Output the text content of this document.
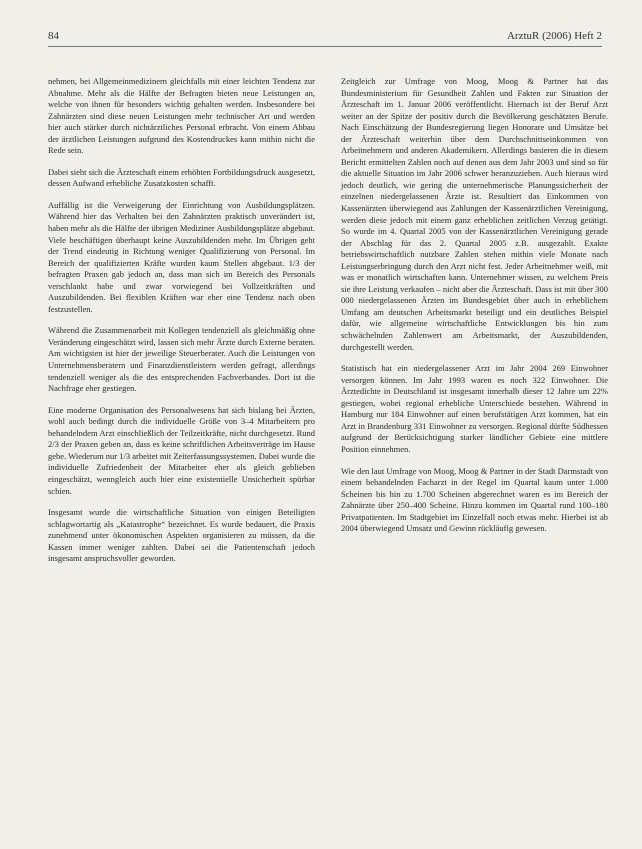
84	ArztuR (2006) Heft 2

nehmen, bei Allgemeinmedizinern gleichfalls mit einer leichten Tendenz zur Abnahme. Mehr als die Hälfte der Befragten bieten neue Leistungen an, welche von ihnen für besonders wichtig gehalten werden. Insbesondere bei Zahnärzten sind diese neuen Leistungen mehr technischer Art und werden hier auch stärker durch nichtärztliches Personal erbracht. Von einem Abbau der ärztlichen Leistungen aufgrund des Kostendruckes kann mithin nicht die Rede sein.

Dabei sieht sich die Ärzteschaft einem erhöhten Fortbildungsdruck ausgesetzt, dessen Aufwand erhebliche Zusatzkosten schafft.

Auffällig ist die Verweigerung der Einrichtung von Ausbildungsplätzen. Während hier das Verhalten bei den Zahnärzten praktisch unverändert ist, haben mehr als die Hälfte der übrigen Mediziner Ausbildungsplätze abgebaut. Viele beschäftigen überhaupt keine Auszubildenden mehr. Im Übrigen geht der Trend eindeutig in Richtung weniger Qualifizierung von Personal. Im Bereich der qualifizierten Kräfte wurden kaum Stellen abgebaut. 1/3 der befragten Praxen gab jedoch an, dass man sich im Bereich des Personals verschlankt habe und zwar vorwiegend bei Vollzeitkräften und Auszubildenden. Bei flexiblen Kräften war eher eine Tendenz nach oben festzustellen.

Während die Zusammenarbeit mit Kollegen tendenziell als gleichmäßig ohne Veränderung eingeschätzt wird, lassen sich mehr Ärzte durch Externe beraten. Am wichtigsten ist hier der jeweilige Steuerberater. Auch die Leistungen von Unternehmensberatern und Finanzdienstleistern werden gefragt, allerdings tendenziell weniger als die des entsprechenden Fachverbandes. Dort ist die Nachfrage eher gestiegen.

Eine moderne Organisation des Personalwesens hat sich bislang bei Ärzten, wohl auch bedingt durch die individuelle Größe von 3–4 Mitarbeitern pro behandelndem Arzt einschließlich der Teilzeitkräfte, nicht durchgesetzt. Rund 2/3 der Praxen geben an, dass es keine schriftlichen Arbeitsverträge im Hause gebe. Wiederum nur 1/3 arbeitet mit Zeiterfassungssystemen. Dabei wurde die individuelle Zufriedenheit der Mitarbeiter eher als gleich geblieben eingeschätzt, wenngleich auch hier eine existentielle Unsicherheit spürbar schien.

Insgesamt wurde die wirtschaftliche Situation von einigen Beteiligten schlagwortartig als „Katastrophe“ bezeichnet. Es wurde bedauert, die Praxis zunehmend unter ökonomischen Aspekten organisieren zu müssen, da die Kassen immer weniger zahlten. Dabei sei die Patientenschaft jedoch insgesamt anspruchsvoller geworden.

Zeitgleich zur Umfrage von Moog, Moog & Partner hat das Bundesministerium für Gesundheit Zahlen und Fakten zur Situation der Ärzteschaft im 1. Januar 2006 veröffentlicht. Hiernach ist der Beruf Arzt weiter an der Spitze der positiv durch die Bevölkerung geschätzten Berufe. Nach Einschätzung der Bundesregierung liegen Honorare und Umsätze bei der Ärzteschaft weiterhin über dem Durchschnittseinkommen von Arbeitnehmern und anderen Akademikern. Allerdings basieren die in diesem Bericht ermittelten Zahlen noch auf denen aus dem Jahr 2003 und sind so für die aktuelle Situation im Jahr 2006 schwer heranzuziehen. Auch hieraus wird jedoch deutlich, wie gering die unternehmerische Planungssicherheit der einzelnen niedergelassenen Ärzte ist. Resultiert das Einkommen von Kassenärzten überwiegend aus Zahlungen der Kassenärztlichen Vereinigung, werden diese jedoch mit einem ganz erheblichen zeitlichen Verzug getätigt. So wurde im 4. Quartal 2005 von der Kassenärztlichen Vereinigung gerade der Abschlag für das 2. Quartal 2005 z.B. ausgezahlt. Exakte betriebswirtschaftlich nutzbare Zahlen stehen mithin viele Monate nach Leistungserbringung durch den Arzt nicht fest. Jeder Arbeitnehmer weiß, mit was er monatlich wirtschaften kann. Unternehmer wissen, zu welchem Preis sie ihre Leistung verkaufen – nicht aber die Ärzteschaft. Dass ist mit über 300 000 niedergelassenen Ärzten im Bundesgebiet über auch in erheblichem Umfang am deutschen Arbeitsmarkt beteiligt und ein deutliches Beispiel dafür, wie allgemeine wirtschaftliche Entwicklungen bis hin zum schwächelnden Zahlenwert am Arbeitsmarkt, der Auszubildenden, durchgestellt werden.

Statistisch hat ein niedergelassener Arzt im Jahr 2004 269 Einwohner versorgen können. Im Jahr 1993 waren es noch 322 Einwohner. Die Ärztedichte in Deutschland ist insgesamt innerhalb dieser 12 Jahre um 22% gestiegen, wobei regional erhebliche Unterschiede bestehen. Während in Hamburg nur 184 Einwohner auf einen berufstätigen Arzt kommen, hat ein Arzt in Brandenburg 331 Einwohner zu versorgen. Regional dürfte Südhessen aufgrund der Berücksichtigung starker ländlicher Gebiete eine mittlere Position einnehmen.

Wie den laut Umfrage von Moog, Moog & Partner in der Stadt Darmstadt von einem behandelnden Facharzt in der Regel im Quartal kaum unter 1.000 Scheinen bis hin zu 1.700 Scheinen abgerechnet waren es im Bereich der Zahnärzte über 250–400 Scheine. Hinzu kommen im Quartal rund 100–180 Privatpatienten. Im Stadtgebiet im Einzelfall noch etwas mehr. Hierbei ist ab 2004 überwiegend Umsatz und Gewinn rückläufig gewesen.
